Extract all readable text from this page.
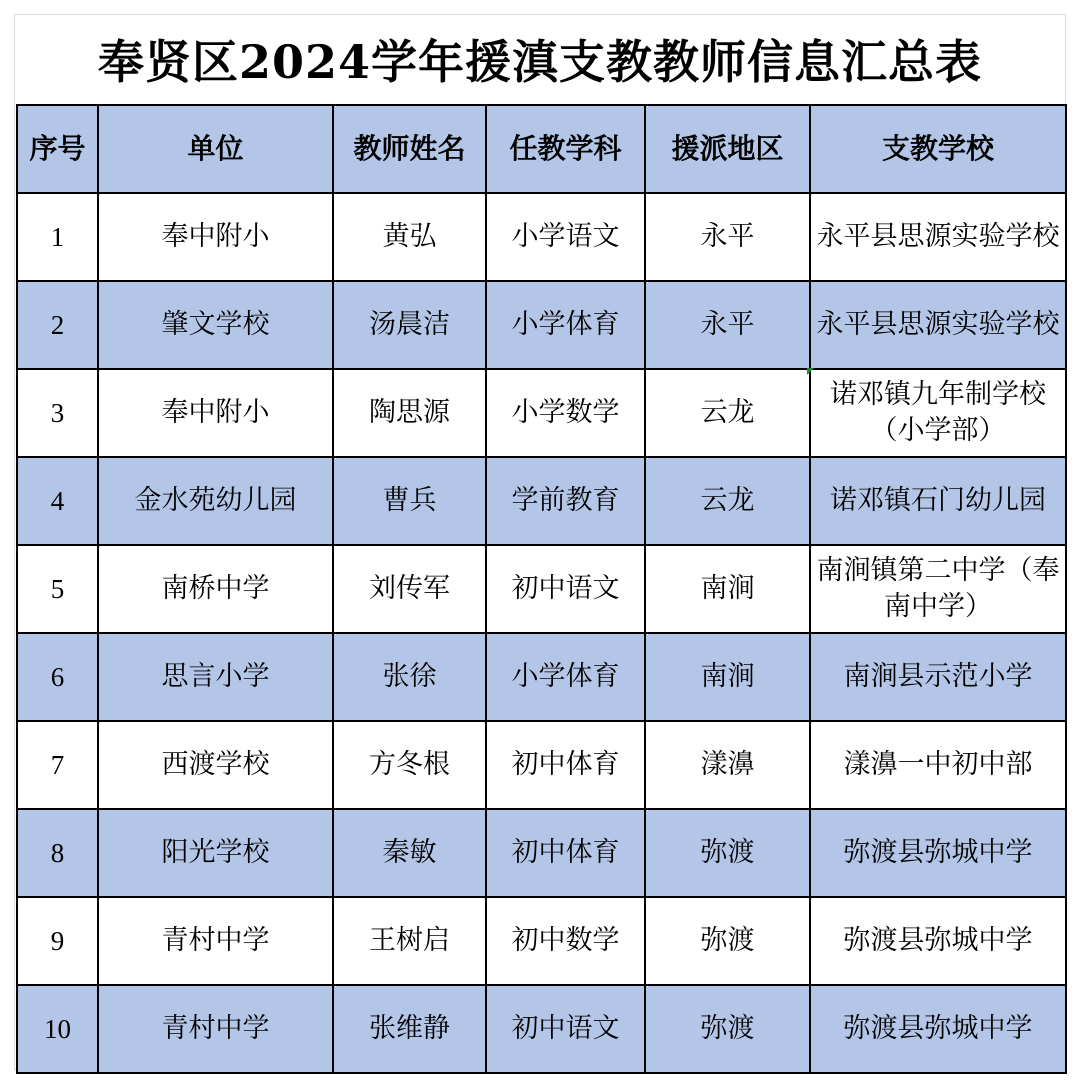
奉贤区2024学年援滇支教教师信息汇总表
序号	单位	教师姓名	任教学科	援派地区	支教学校
1	奉中附小	黄弘	小学语文	永平	永平县思源实验学校
2	肇文学校	汤晨洁	小学体育	永平	永平县思源实验学校
3	奉中附小	陶思源	小学数学	云龙	诺邓镇九年制学校（小学部）
4	金水苑幼儿园	曹兵	学前教育	云龙	诺邓镇石门幼儿园
5	南桥中学	刘传军	初中语文	南涧	南涧镇第二中学（奉南中学）
6	思言小学	张徐	小学体育	南涧	南涧县示范小学
7	西渡学校	方冬根	初中体育	漾濞	漾濞一中初中部
8	阳光学校	秦敏	初中体育	弥渡	弥渡县弥城中学
9	青村中学	王树启	初中数学	弥渡	弥渡县弥城中学
10	青村中学	张维静	初中语文	弥渡	弥渡县弥城中学
